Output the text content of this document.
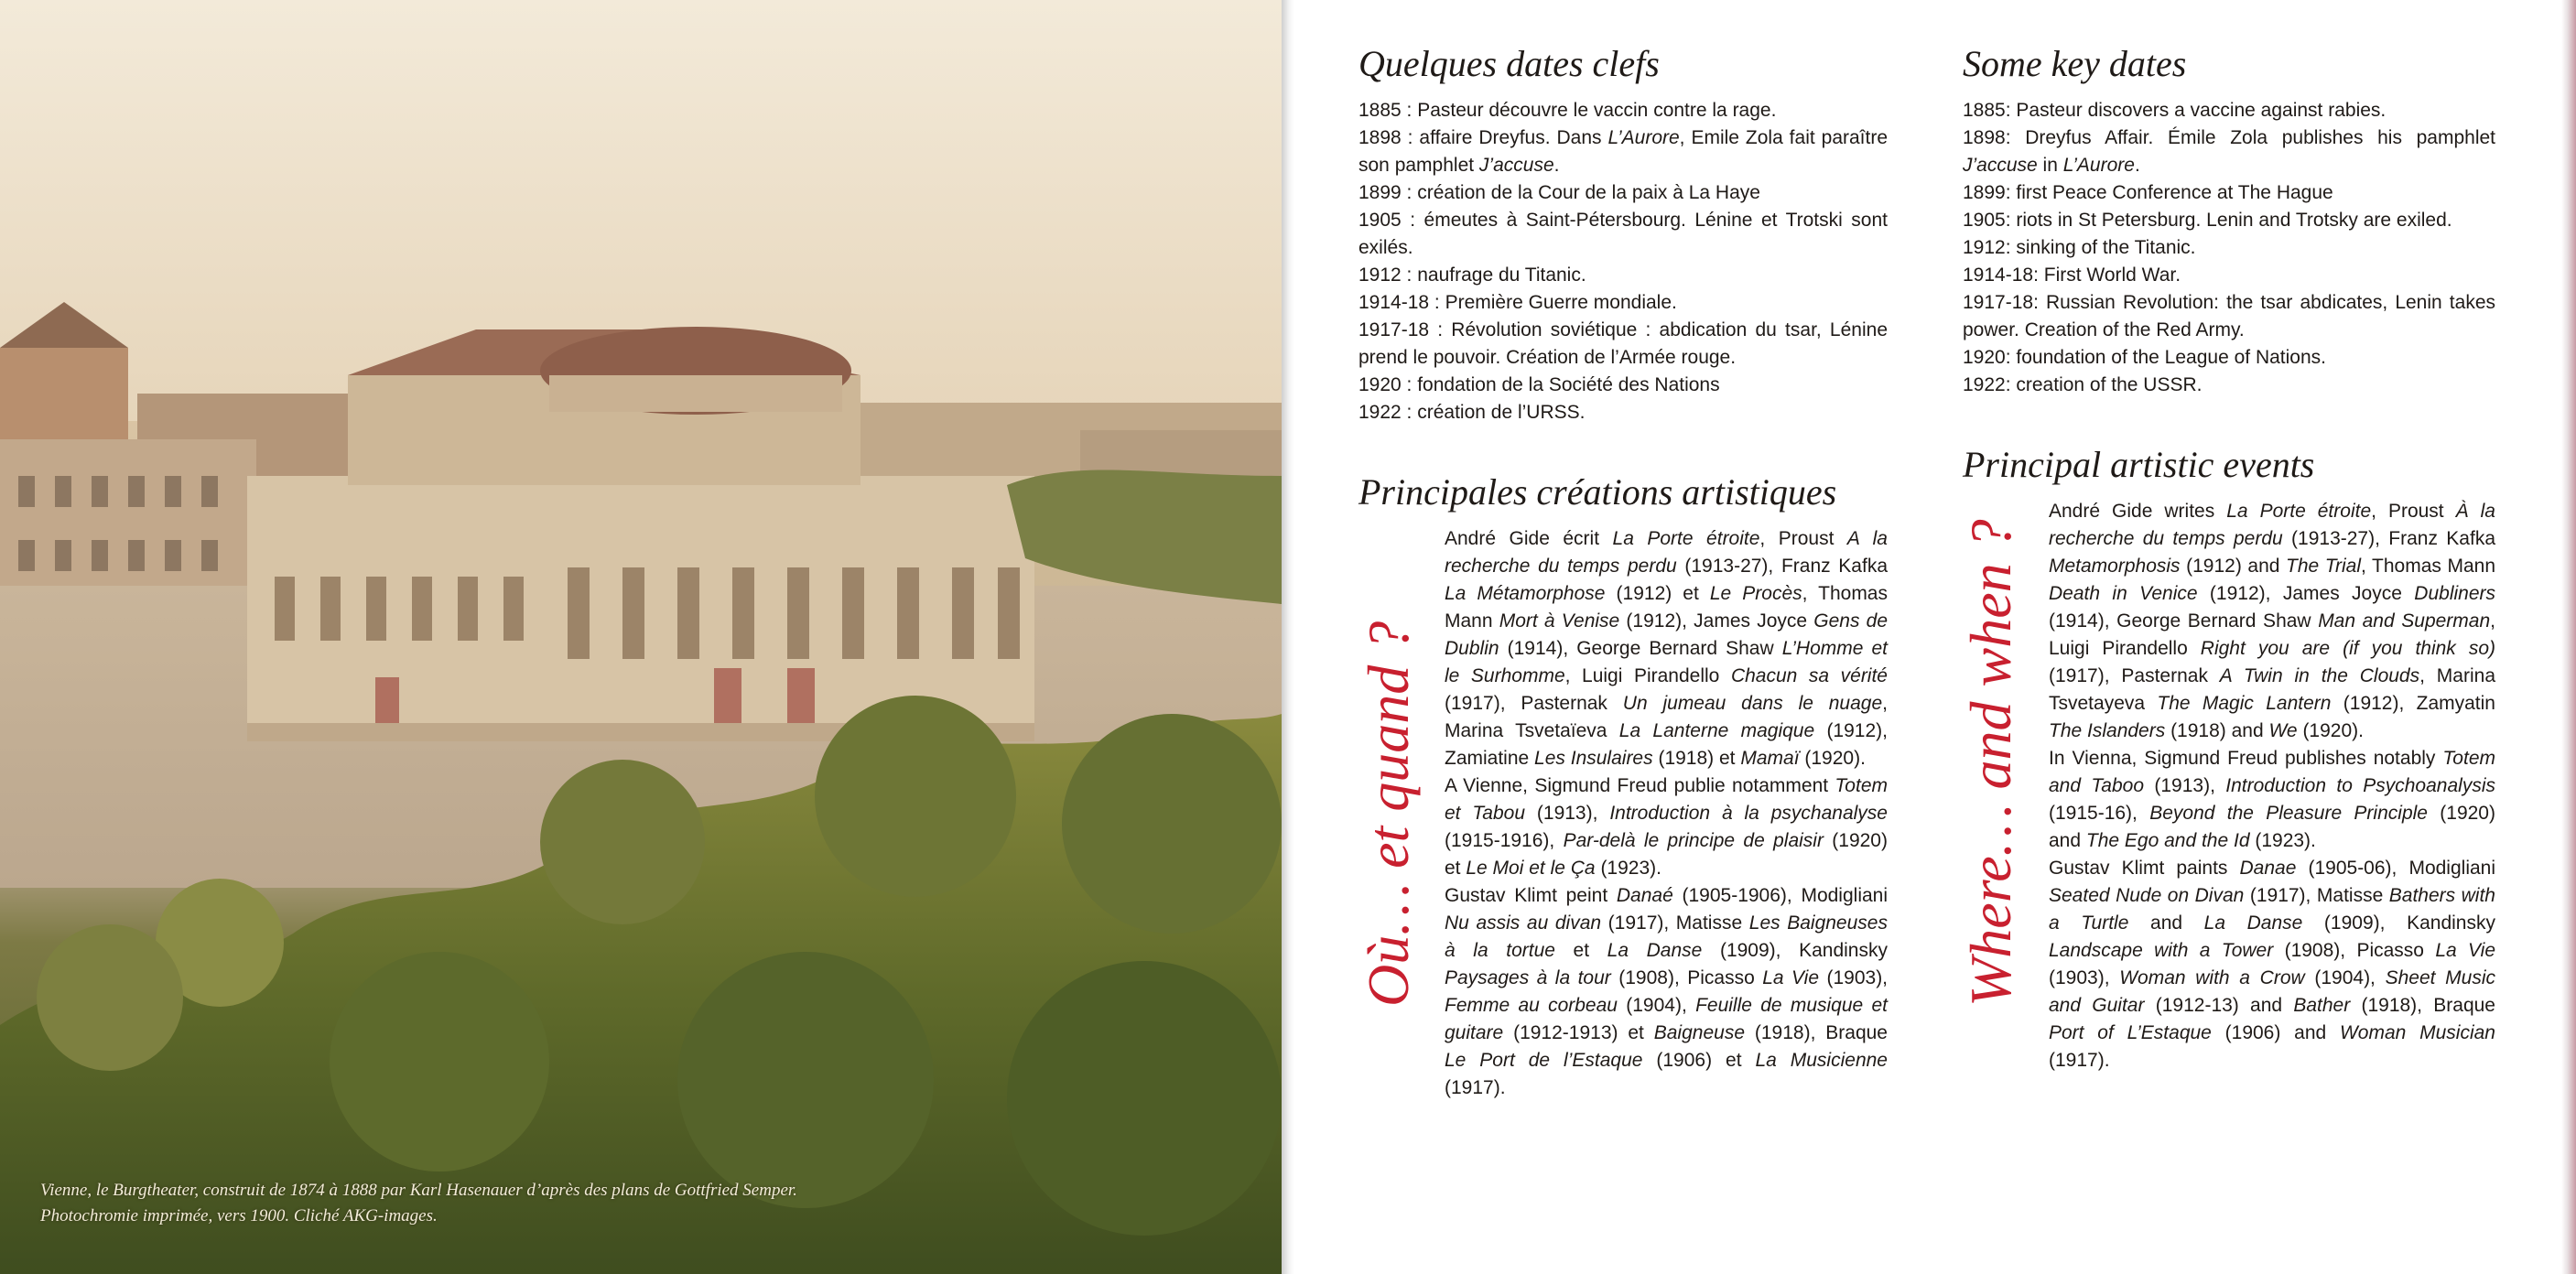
Vienne, le Burgtheater, construit de 1874 à 1888 par Karl Hasenauer d’après des plans de Gottfried Semper.
Photochromie imprimée, vers 1900. Cliché AKG-images.
Où… et quand ?	Where… and when ?
Quelques dates clefs
1885 : Pasteur découvre le vaccin contre la rage.
1898 : affaire Dreyfus. Dans L’Aurore, Emile Zola fait paraître son pamphlet J’accuse.
1899 : création de la Cour de la paix à La Haye
1905 : émeutes à Saint-Pétersbourg. Lénine et Trotski sont exilés.
1912 : naufrage du Titanic.
1914-18 : Première Guerre mondiale.
1917-18 : Révolution soviétique : abdication du tsar, Lénine prend le pouvoir. Création de l’Armée rouge.
1920 : fondation de la Société des Nations
1922 : création de l’URSS.
Principales créations artistiques

André Gide écrit La Porte étroite, Proust A la recherche du temps perdu (1913-27), Franz Kafka La Métamorphose (1912) et Le Procès, Thomas Mann Mort à Venise (1912), James Joyce Gens de Dublin (1914), George Bernard Shaw L’Homme et le Surhomme, Luigi Pirandello Chacun sa vérité (1917), Pasternak Un jumeau dans le nuage, Marina Tsvetaïeva La Lanterne magique (1912), Zamiatine Les Insulaires (1918) et Mamaï (1920).

A Vienne, Sigmund Freud publie notamment Totem et Tabou (1913), Introduction à la psychanalyse (1915-1916), Par-delà le principe de plaisir (1920) et Le Moi et le Ça (1923).

Gustav Klimt peint Danaé (1905-1906), Modigliani Nu assis au divan (1917), Matisse Les Baigneuses à la tortue et La Danse (1909), Kandinsky Paysages à la tour (1908), Picasso La Vie (1903), Femme au corbeau (1904), Feuille de musique et guitare (1912-1913) et Baigneuse (1918), Braque Le Port de l’Estaque (1906) et La Musicienne (1917).

Some key dates
1885: Pasteur discovers a vaccine against rabies.
1898: Dreyfus Affair. Émile Zola publishes his pamphlet J’accuse in L’Aurore.
1899: first Peace Conference at The Hague
1905: riots in St Petersburg. Lenin and Trotsky are exiled.
1912: sinking of the Titanic.
1914-18: First World War.
1917-18: Russian Revolution: the tsar abdicates, Lenin takes power. Creation of the Red Army.
1920: foundation of the League of Nations.
1922: creation of the USSR.
Principal artistic events

André Gide writes La Porte étroite, Proust À la recherche du temps perdu (1913-27), Franz Kafka Metamorphosis (1912) and The Trial, Thomas Mann Death in Venice (1912), James Joyce Dubliners (1914), George Bernard Shaw Man and Superman, Luigi Pirandello Right you are (if you think so) (1917), Pasternak A Twin in the Clouds, Marina Tsvetayeva The Magic Lantern (1912), Zamyatin The Islanders (1918) and We (1920).

In Vienna, Sigmund Freud publishes notably Totem and Taboo (1913), Introduction to Psychoanalysis (1915-16), Beyond the Pleasure Principle (1920) and The Ego and the Id (1923).

Gustav Klimt paints Danae (1905-06), Modigliani Seated Nude on Divan (1917), Matisse Bathers with a Turtle and La Danse (1909), Kandinsky Landscape with a Tower (1908), Picasso La Vie (1903), Woman with a Crow (1904), Sheet Music and Guitar (1912-13) and Bather (1918), Braque Port of L’Estaque (1906) and Woman Musician (1917).
